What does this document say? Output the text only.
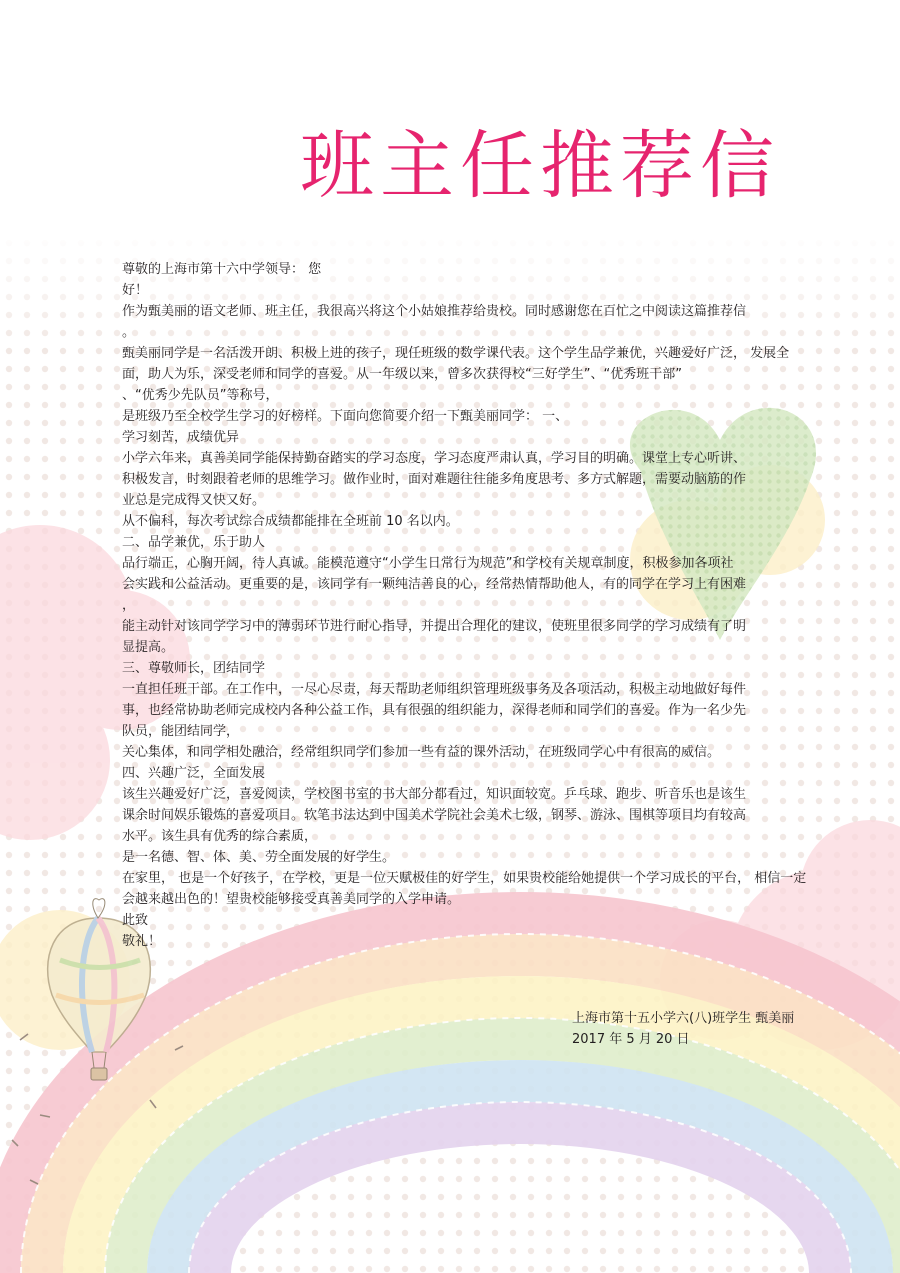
班主任推荐信
尊敬的上海市第十六中学领导： 您
好！
作为甄美丽的语文老师、班主任，我很高兴将这个小姑娘推荐给贵校。同时感谢您在百忙之中阅读这篇推荐信
。
甄美丽同学是一名活泼开朗、积极上进的孩子，现任班级的数学课代表。这个学生品学兼优，兴趣爱好广泛， 发展全
面，助人为乐，深受老师和同学的喜爱。从一年级以来，曾多次获得校“三好学生”、“优秀班干部”
、“优秀少先队员”等称号，
是班级乃至全校学生学习的好榜样。下面向您简要介绍一下甄美丽同学： 一、
学习刻苦，成绩优异
小学六年来，真善美同学能保持勤奋踏实的学习态度，学习态度严肃认真，学习目的明确。课堂上专心听讲、
积极发言，时刻跟着老师的思维学习。做作业时，面对难题往往能多角度思考、多方式解题，需要动脑筋的作
业总是完成得又快又好。
从不偏科，每次考试综合成绩都能排在全班前 10 名以内。
二、品学兼优，乐于助人
品行端正，心胸开阔，待人真诚。能模范遵守“小学生日常行为规范”和学校有关规章制度，积极参加各项社
会实践和公益活动。更重要的是，该同学有一颗纯洁善良的心，经常热情帮助他人，有的同学在学习上有困难
，
能主动针对该同学学习中的薄弱环节进行耐心指导，并提出合理化的建议，使班里很多同学的学习成绩有了明
显提高。
三、尊敬师长，团结同学
一直担任班干部。在工作中，一尽心尽责，每天帮助老师组织管理班级事务及各项活动，积极主动地做好每件
事，也经常协助老师完成校内各种公益工作，具有很强的组织能力，深得老师和同学们的喜爱。作为一名少先
队员，能团结同学，
关心集体，和同学相处融洽，经常组织同学们参加一些有益的课外活动，在班级同学心中有很高的威信。
四、兴趣广泛，全面发展
该生兴趣爱好广泛，喜爱阅读，学校图书室的书大部分都看过，知识面较宽。乒乓球、跑步、听音乐也是该生
课余时间娱乐锻炼的喜爱项目。软笔书法达到中国美术学院社会美术七级，钢琴、游泳、围棋等项目均有较高
水平。该生具有优秀的综合素质，
是一名德、智、体、美、劳全面发展的好学生。
在家里， 也是一个好孩子，在学校，更是一位天赋极佳的好学生，如果贵校能给她提供一个学习成长的平台， 相信一定
会越来越出色的！望贵校能够接受真善美同学的入学申请。
此致
敬礼！
上海市第十五小学六(八)班学生 甄美丽
2017 年 5 月 20 日
